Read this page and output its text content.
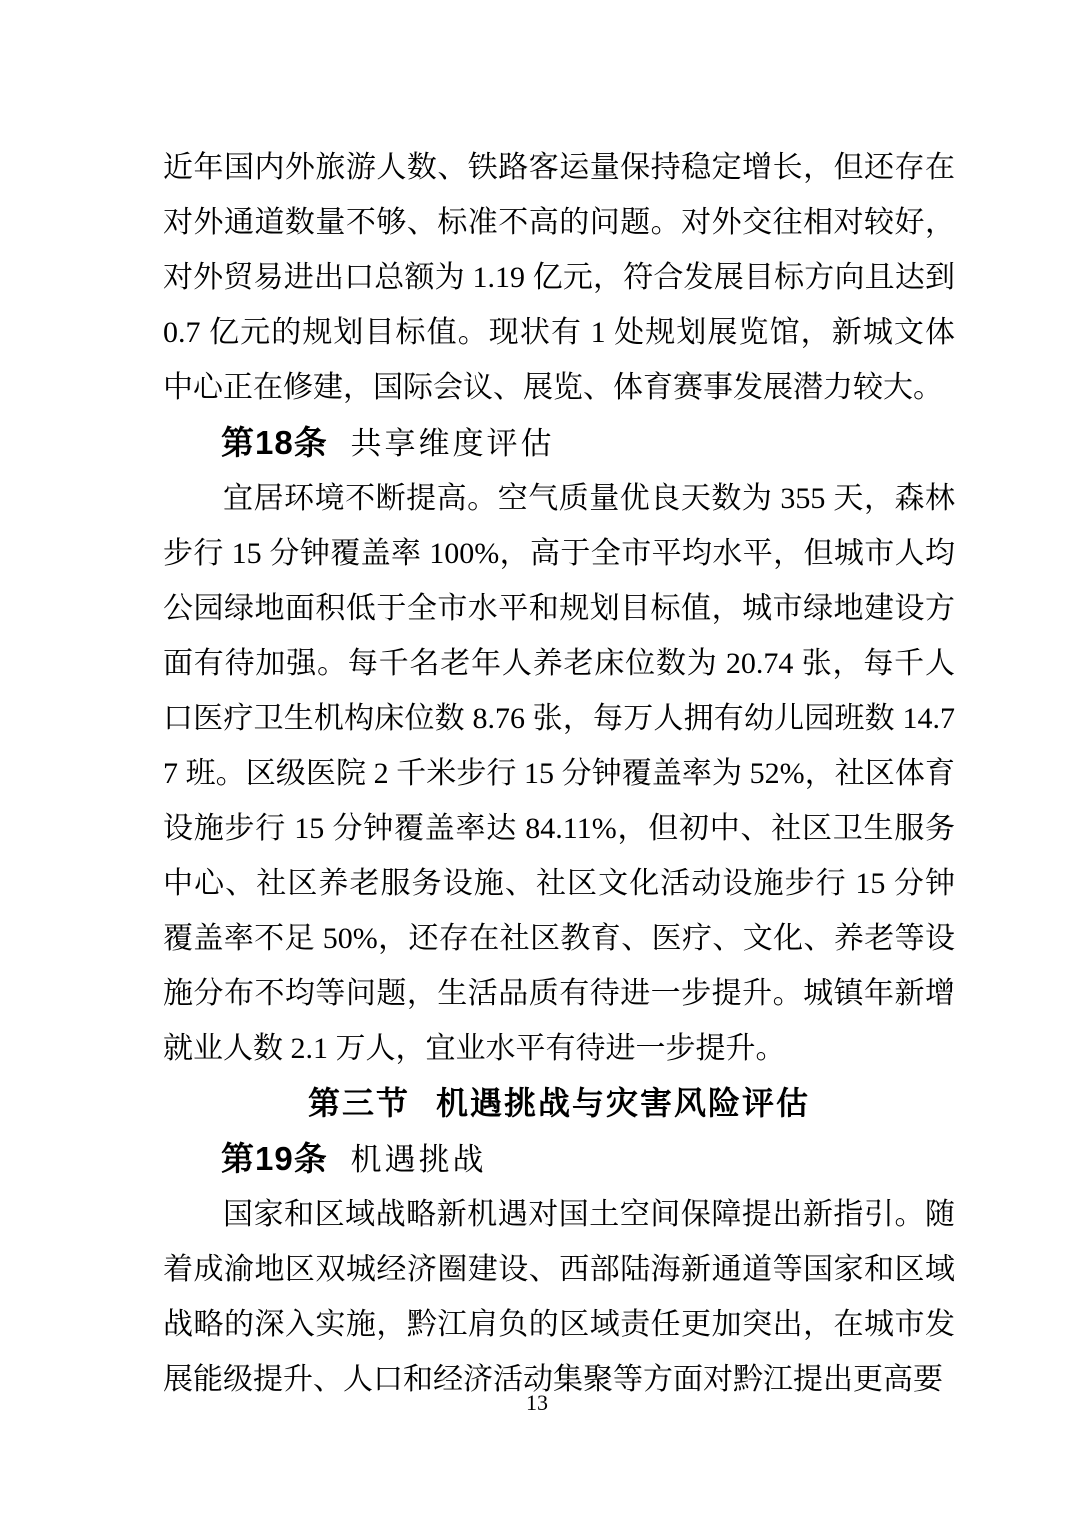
近年国内外旅游人数、铁路客运量保持稳定增长，但还存在对外通道数量不够、标准不高的问题。对外交往相对较好，对外贸易进出口总额为 1.19 亿元，符合发展目标方向且达到 0.7 亿元的规划目标值。现状有 1 处规划展览馆，新城文体中心正在修建，国际会议、展览、体育赛事发展潜力较大。

第18条 共享维度评估

宜居环境不断提高。空气质量优良天数为 355 天，森林步行 15 分钟覆盖率 100%，高于全市平均水平，但城市人均公园绿地面积低于全市水平和规划目标值，城市绿地建设方面有待加强。每千名老年人养老床位数为 20.74 张，每千人口医疗卫生机构床位数 8.76 张，每万人拥有幼儿园班数 14.77 班。区级医院 2 千米步行 15 分钟覆盖率为 52%，社区体育设施步行 15 分钟覆盖率达 84.11%，但初中、社区卫生服务中心、社区养老服务设施、社区文化活动设施步行 15 分钟覆盖率不足 50%，还存在社区教育、医疗、文化、养老等设施分布不均等问题，生活品质有待进一步提升。城镇年新增就业人数 2.1 万人，宜业水平有待进一步提升。

第三节 机遇挑战与灾害风险评估
第19条 机遇挑战

国家和区域战略新机遇对国土空间保障提出新指引。随着成渝地区双城经济圈建设、西部陆海新通道等国家和区域战略的深入实施，黔江肩负的区域责任更加突出，在城市发展能级提升、人口和经济活动集聚等方面对黔江提出更高要

13
